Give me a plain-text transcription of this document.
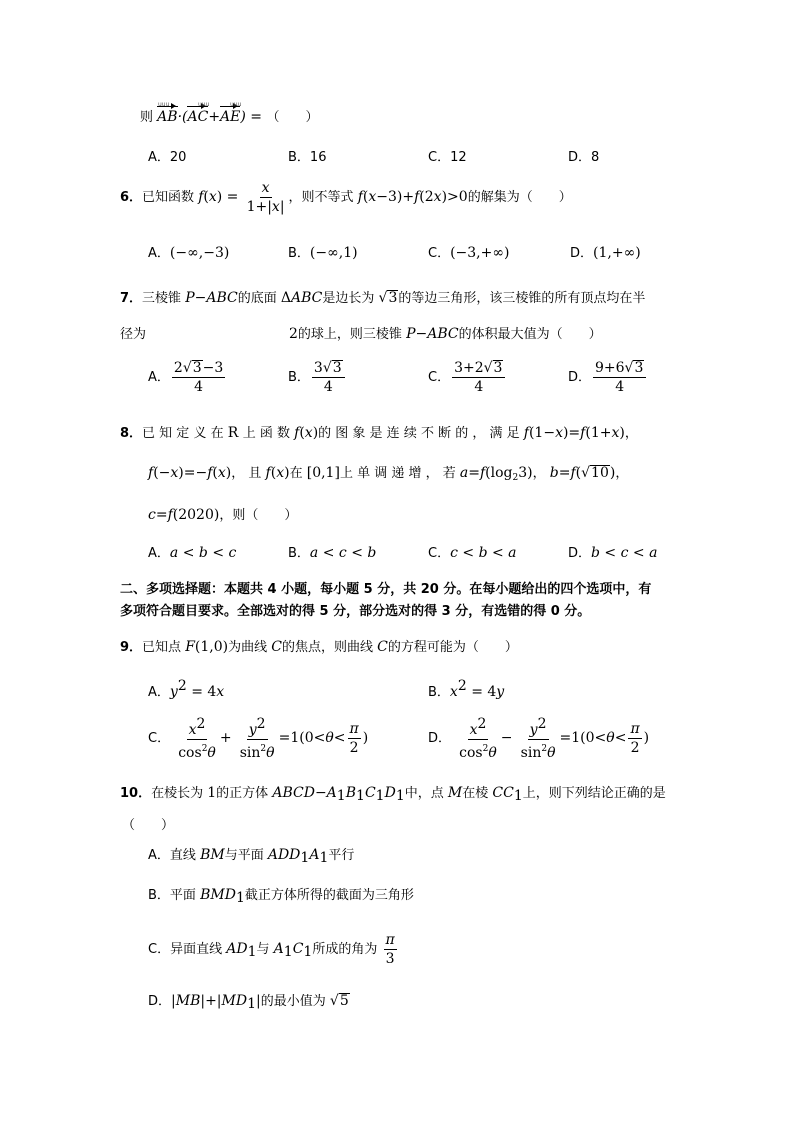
则 AB·(AC+AE) = （　　）
uuu	uuu	uuu
A．20	B．16	C．12	D．8
6．已知函数 $f(x) = \frac{x}{1+|x|}$ ，则不等式 f(x−3)+f(2x)>0的解集为（　　）
A．(−∞,−3)	B．(−∞,1)	C．(−3,+∞)	D．(1,+∞)
7．三棱锥 P−ABC的底面 ΔABC是边长为 √3的等边三角形，该三棱锥的所有顶点均在半
径为	2的球上，则三棱锥 P−ABC的体积最大值为（　　）
A． $\frac{2√3-3}{4}$	B． $\frac{3√3}{4}$	C． $\frac{3+2√3}{4}$	D． $\frac{9+6√3}{4}$
8．已 知 定 义 在 R 上 函 数 f(x)的 图 象 是 连 续 不 断 的 ， 满 足 f(1−x)=f(1+x)，
f(−x)=−f(x)， 且 f(x)在 [0,1]上 单 调 递 增 ， 若 $a=f(\log_23)$， b=f(√10)，
c=f(2020)，则（　　）
A．a < b < c	B．a < c < b	C．c < b < a	D．b < c < a
二、多项选择题：本题共 4 小题，每小题 5 分，共 20 分。在每小题给出的四个选项中，有
多项符合题目要求。全部选对的得 5 分，部分选对的得 3 分，有选错的得 0 分。
9．已知点 F(1,0)为曲线 C的焦点，则曲线 C的方程可能为（　　）
A．$y^2 = 4x$	B．$x^2 = 4y$
C． $\frac{x^2}{\cos^2\theta} + \frac{y^2}{\sin^2\theta} =1(0<\theta< \frac{\pi}{2}$ )	D． $\frac{x^2}{\cos^2\theta} - \frac{y^2}{\sin^2\theta} =1(0<\theta< \frac{\pi}{2}$ )
10．在棱长为 1的正方体 $ABCD-A_1B_1C_1D_1$中，点 M在棱 $CC_1$上，则下列结论正确的是
（　　）
A．直线 BM与平面 $ADD_1A_1$平行
B．平面 $BMD_1$截正方体所得的截面为三角形
C．异面直线 $AD_1$与 $A_1C_1$所成的角为 $\frac{\pi}{3}$
D．$|MB|+|MD_1|$的最小值为 √5
